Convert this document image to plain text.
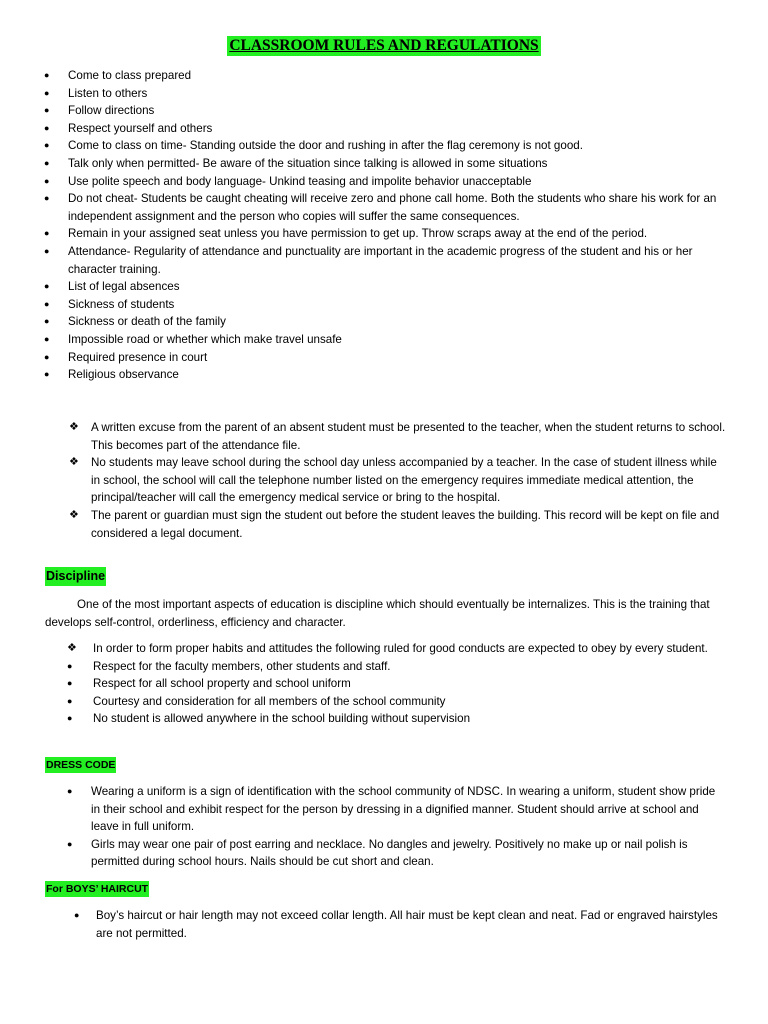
CLASSROOM RULES AND REGULATIONS
● Come to class prepared
● Listen to others
● Follow directions
● Respect yourself and others
● Come to class on time- Standing outside the door and rushing in after the flag ceremony is not good.
● Talk only when permitted- Be aware of the situation since talking is allowed in some situations
● Use polite speech and body language- Unkind teasing and impolite behavior unacceptable
● Do not cheat- Students be caught cheating will receive zero and phone call home. Both the students who share his work for an independent assignment and the person who copies will suffer the same consequences.
● Remain in your assigned seat unless you have permission to get up. Throw scraps away at the end of the period.
● Attendance- Regularity of attendance and punctuality are important in the academic progress of the student and his or her character training.
● List of legal absences
● Sickness of students
● Sickness or death of the family
● Impossible road or whether which make travel unsafe
● Required presence in court
● Religious observance
❖ A written excuse from the parent of an absent student must be presented to the teacher, when the student returns to school. This becomes part of the attendance file.
❖ No students may leave school during the school day unless accompanied by a teacher. In the case of student illness while in school, the school will call the telephone number listed on the emergency requires immediate medical attention, the principal/teacher will call the emergency medical service or bring to the hospital.
❖ The parent or guardian must sign the student out before the student leaves the building. This record will be kept on file and considered a legal document.
Discipline

One of the most important aspects of education is discipline which should eventually be internalizes. This is the training that develops self-control, orderliness, efficiency and character.

❖ In order to form proper habits and attitudes the following ruled for good conducts are expected to obey by every student.
● Respect for the faculty members, other students and staff.
● Respect for all school property and school uniform
● Courtesy and consideration for all members of the school community
● No student is allowed anywhere in the school building without supervision
DRESS CODE
● Wearing a uniform is a sign of identification with the school community of NDSC. In wearing a uniform, student show pride in their school and exhibit respect for the person by dressing in a dignified manner. Student should arrive at school and leave in full uniform.
● Girls may wear one pair of post earring and necklace. No dangles and jewelry. Positively no make up or nail polish is permitted during school hours. Nails should be cut short and clean.
For BOYS’ HAIRCUT
● Boy’s haircut or hair length may not exceed collar length. All hair must be kept clean and neat. Fad or engraved hairstyles are not permitted.
